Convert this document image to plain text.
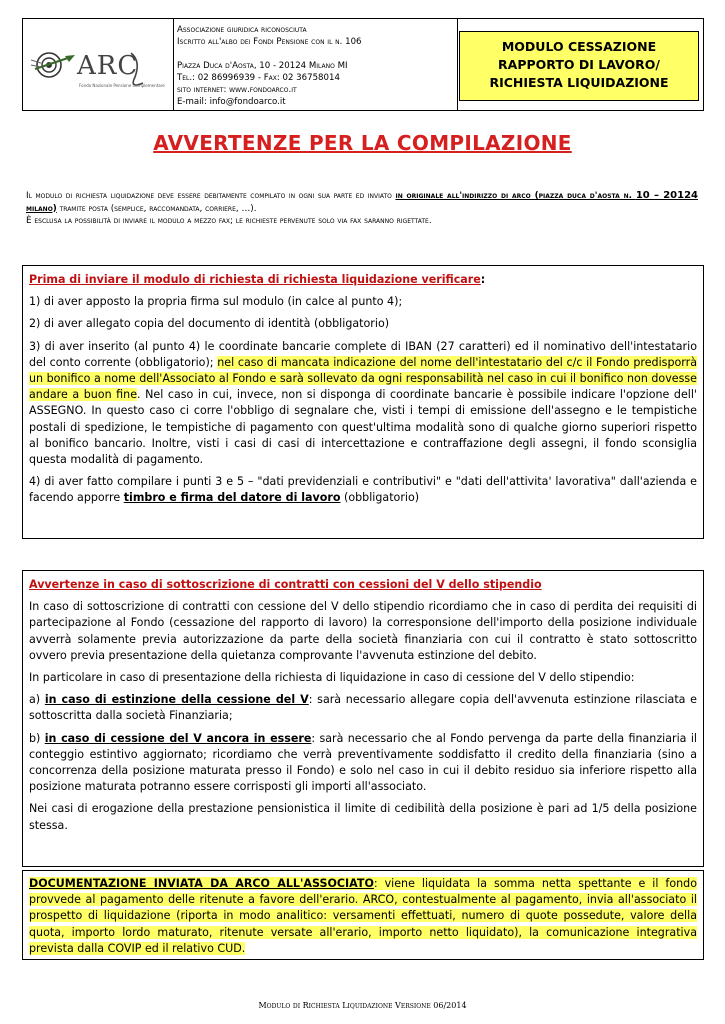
ARC
Fondo Nazionale Pensione Complementare
Associazione giuridica riconosciuta
Iscritto all'albo dei Fondi Pensione con il n. 106
Piazza Duca d'Aosta, 10 - 20124 Milano MI
Tel.: 02 86996939 - Fax: 02 36758014
sito internet: www.fondoarco.it
E-mail: info@fondoarco.it
MODULO CESSAZIONE
RAPPORTO DI LAVORO/
RICHIESTA LIQUIDAZIONE
AVVERTENZE PER LA COMPILAZIONE
Il modulo di richiesta liquidazione deve essere debitamente compilato in ogni sua parte ed inviato in originale all'indirizzo di arco (piazza duca d'aosta n. 10 – 20124 milano) tramite posta (semplice, raccomandata, corriere, …).
È esclusa la possibilità di inviare il modulo a mezzo fax; le richieste pervenute solo via fax saranno rigettate.

Prima di inviare il modulo di richiesta di richiesta liquidazione verificare:

1) di aver apposto la propria firma sul modulo (in calce al punto 4);

2) di aver allegato copia del documento di identità (obbligatorio)

3) di aver inserito (al punto 4) le coordinate bancarie complete di IBAN (27 caratteri) ed il nominativo dell'intestatario del conto corrente (obbligatorio); nel caso di mancata indicazione del nome dell'intestatario del c/c il Fondo predisporrà un bonifico a nome dell'Associato al Fondo e sarà sollevato da ogni responsabilità nel caso in cui il bonifico non dovesse andare a buon fine. Nel caso in cui, invece, non si disponga di coordinate bancarie è possibile indicare l'opzione dell' ASSEGNO. In questo caso ci corre l'obbligo di segnalare che, visti i tempi di emissione dell'assegno e le tempistiche postali di spedizione, le tempistiche di pagamento con quest'ultima modalità sono di qualche giorno superiori rispetto al bonifico bancario. Inoltre, visti i casi di casi di intercettazione e contraffazione degli assegni, il fondo sconsiglia questa modalità di pagamento.

4) di aver fatto compilare i punti 3 e 5 – "dati previdenziali e contributivi" e "dati dell'attivita' lavorativa" dall'azienda e facendo apporre timbro e firma del datore di lavoro (obbligatorio)

Avvertenze in caso di sottoscrizione di contratti con cessioni del V dello stipendio

In caso di sottoscrizione di contratti con cessione del V dello stipendio ricordiamo che in caso di perdita dei requisiti di partecipazione al Fondo (cessazione del rapporto di lavoro) la corresponsione dell'importo della posizione individuale avverrà solamente previa autorizzazione da parte della società finanziaria con cui il contratto è stato sottoscritto ovvero previa presentazione della quietanza comprovante l'avvenuta estinzione del debito.

In particolare in caso di presentazione della richiesta di liquidazione in caso di cessione del V dello stipendio:

a) in caso di estinzione della cessione del V: sarà necessario allegare copia dell'avvenuta estinzione rilasciata e sottoscritta dalla società Finanziaria;

b) in caso di cessione del V ancora in essere: sarà necessario che al Fondo pervenga da parte della finanziaria il conteggio estintivo aggiornato; ricordiamo che verrà preventivamente soddisfatto il credito della finanziaria (sino a concorrenza della posizione maturata presso il Fondo) e solo nel caso in cui il debito residuo sia inferiore rispetto alla posizione maturata potranno essere corrisposti gli importi all'associato.

Nei casi di erogazione della prestazione pensionistica il limite di cedibilità della posizione è pari ad 1/5 della posizione stessa.

DOCUMENTAZIONE INVIATA DA ARCO ALL'ASSOCIATO: viene liquidata la somma netta spettante e il fondo provvede al pagamento delle ritenute a favore dell'erario. ARCO, contestualmente al pagamento, invia all'associato il prospetto di liquidazione (riporta in modo analitico: versamenti effettuati, numero di quote possedute, valore della quota, importo lordo maturato, ritenute versate all'erario, importo netto liquidato), la comunicazione integrativa prevista dalla COVIP ed il relativo CUD.

Modulo di Richiesta Liquidazione Versione 06/2014
